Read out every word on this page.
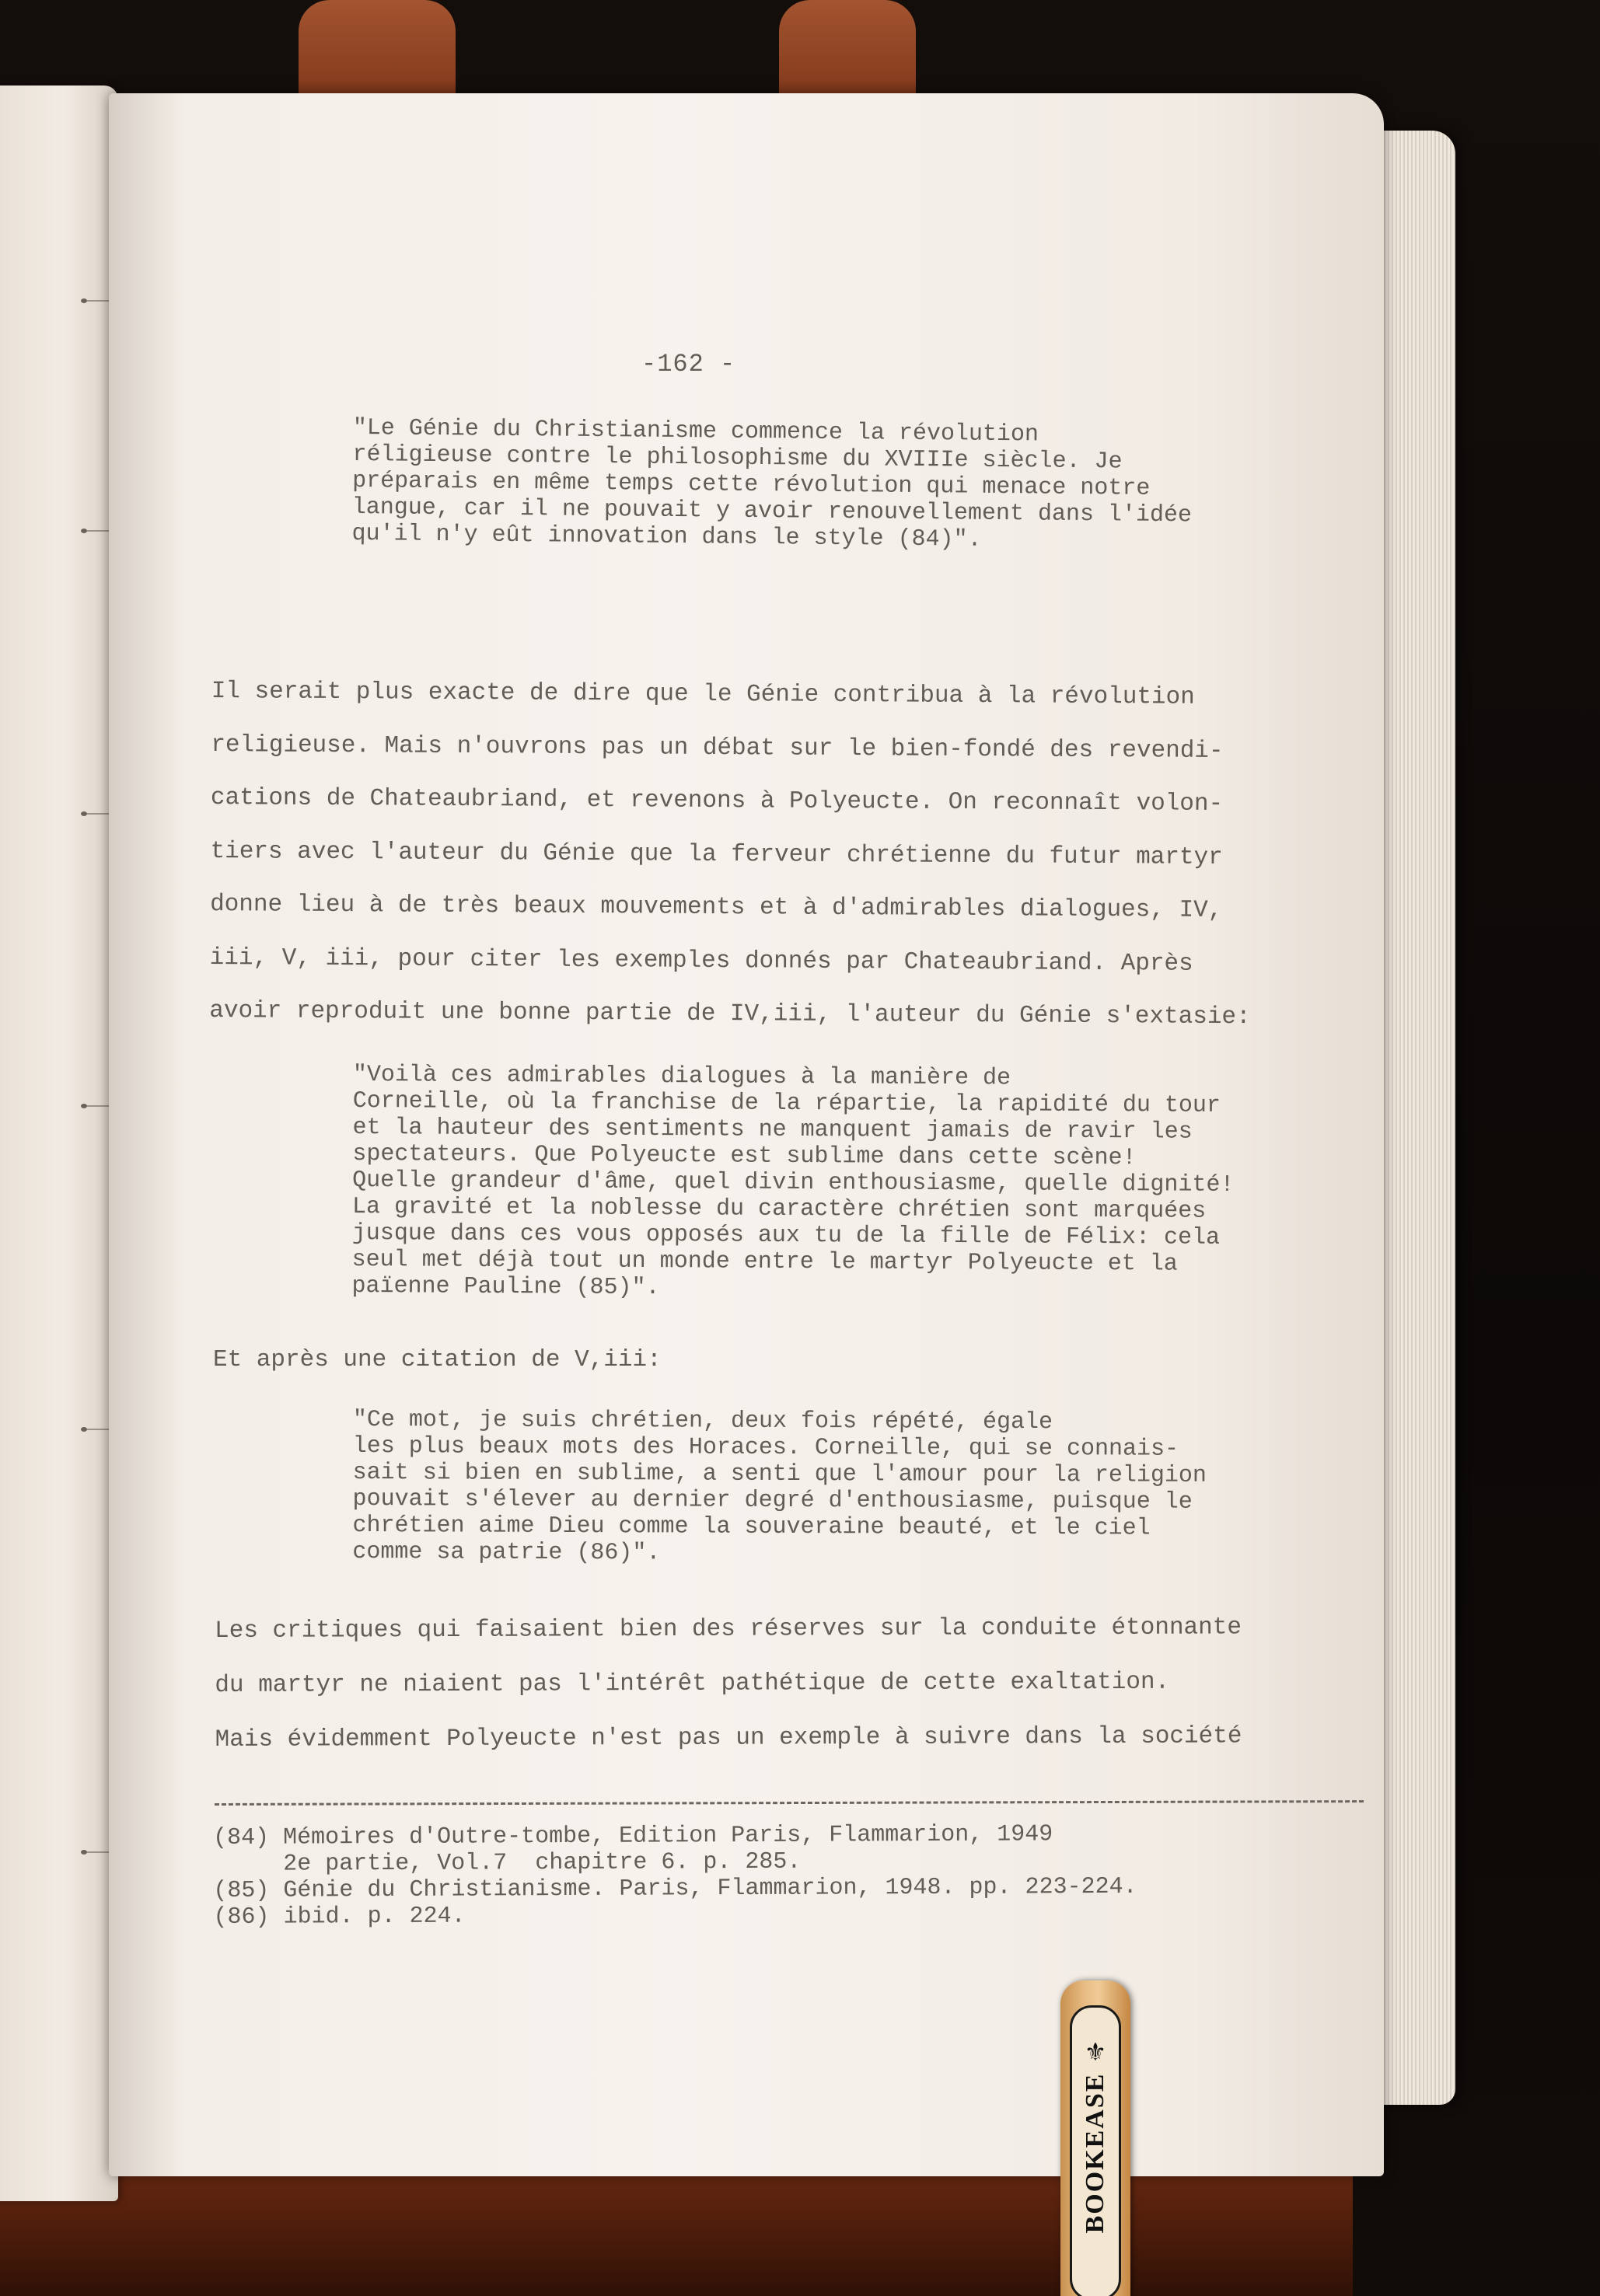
-162 -

"Le Génie du Christianisme commence la révolution
réligieuse contre le philosophisme du XVIIIe siècle. Je
préparais en même temps cette révolution qui menace notre
langue, car il ne pouvait y avoir renouvellement dans l'idée
qu'il n'y eût innovation dans le style (84)".

Il serait plus exacte de dire que le Génie contribua à la révolution
religieuse. Mais n'ouvrons pas un débat sur le bien-fondé des revendi-
cations de Chateaubriand, et revenons à Polyeucte. On reconnaît volon-
tiers avec l'auteur du Génie que la ferveur chrétienne du futur martyr
donne lieu à de très beaux mouvements et à d'admirables dialogues, IV,
iii, V, iii, pour citer les exemples donnés par Chateaubriand. Après
avoir reproduit une bonne partie de IV,iii, l'auteur du Génie s'extasie:

"Voilà ces admirables dialogues à la manière de
Corneille, où la franchise de la répartie, la rapidité du tour
et la hauteur des sentiments ne manquent jamais de ravir les
spectateurs. Que Polyeucte est sublime dans cette scène!
Quelle grandeur d'âme, quel divin enthousiasme, quelle dignité!
La gravité et la noblesse du caractère chrétien sont marquées
jusque dans ces vous opposés aux tu de la fille de Félix: cela
seul met déjà tout un monde entre le martyr Polyeucte et la
païenne Pauline (85)".

Et après une citation de V,iii:

"Ce mot, je suis chrétien, deux fois répété, égale
les plus beaux mots des Horaces. Corneille, qui se connais-
sait si bien en sublime, a senti que l'amour pour la religion
pouvait s'élever au dernier degré d'enthousiasme, puisque le
chrétien aime Dieu comme la souveraine beauté, et le ciel
comme sa patrie (86)".

Les critiques qui faisaient bien des réserves sur la conduite étonnante
du martyr ne niaient pas l'intérêt pathétique de cette exaltation.
Mais évidemment Polyeucte n'est pas un exemple à suivre dans la société

(84) Mémoires d'Outre-tombe, Edition Paris, Flammarion, 1949
2e partie, Vol.7  chapitre 6. p. 285.
(85) Génie du Christianisme. Paris, Flammarion, 1948. pp. 223-224.
(86) ibid. p. 224.

⚜
BOOKEASE
